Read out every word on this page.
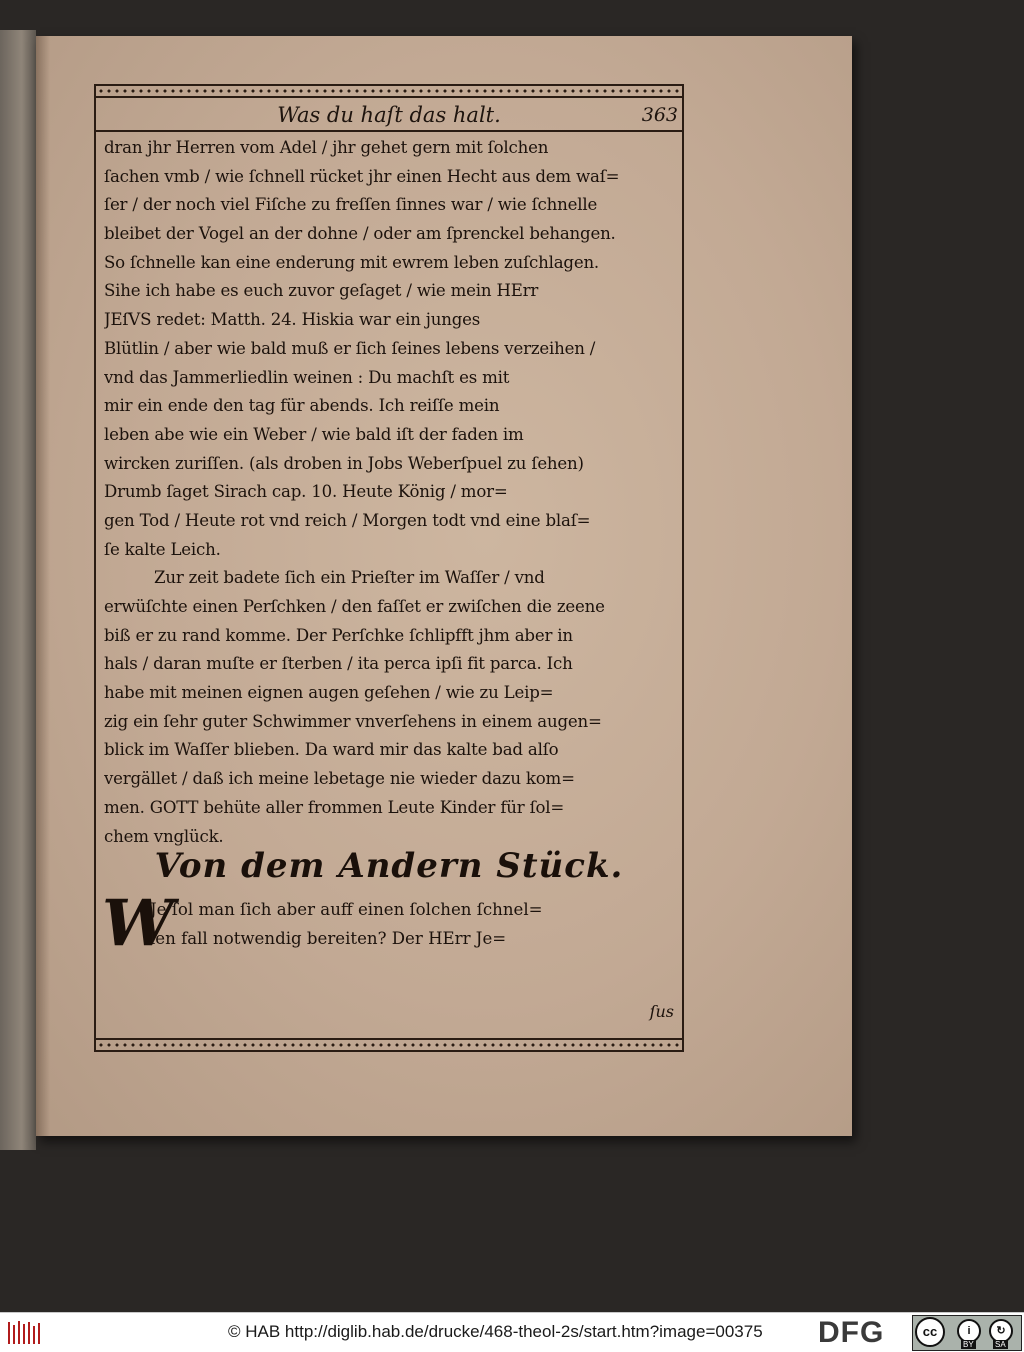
Was du haſt das halt.	363
dran jhr Herren vom Adel / jhr gehet gern mit ſolchen
ſachen vmb / wie ſchnell rücket jhr einen Hecht aus dem waſ=
ſer / der noch viel Fiſche zu freſſen ſinnes war / wie ſchnelle
bleibet der Vogel an der dohne / oder am ſprenckel behangen.
So ſchnelle kan eine enderung mit ewrem leben zuſchlagen.
Sihe ich habe es euch zuvor geſaget / wie mein HErr
JEſVS redet: Matth. 24. Hiskia war ein junges
Blütlin / aber wie bald muß er ſich ſeines lebens verzeihen /
vnd das Jammerliedlin weinen : Du machſt es mit
mir ein ende den tag für abends. Ich reiſſe mein
leben abe wie ein Weber / wie bald iſt der faden im
wircken zuriſſen. (als droben in Jobs Weberſpuel zu ſehen)
Drumb ſaget Sirach cap. 10. Heute König / mor=
gen Tod / Heute rot vnd reich / Morgen todt vnd eine blaſ=
ſe kalte Leich.
Zur zeit badete ſich ein Prieſter im Waſſer / vnd
erwüſchte einen Perſchken / den faſſet er zwiſchen die zeene
biß er zu rand komme. Der Perſchke ſchlipfft jhm aber in
hals / daran muſte er ſterben / ita perca ipſi fit parca. Ich
habe mit meinen eignen augen geſehen / wie zu Leip=
zig ein ſehr guter Schwimmer vnverſehens in einem augen=
blick im Waſſer blieben. Da ward mir das kalte bad alſo
vergället / daß ich meine lebetage nie wieder dazu kom=
men. GOTT behüte aller frommen Leute Kinder für ſol=
chem vnglück.
Von dem Andern Stück.
W
Je ſol man ſich aber auff einen ſolchen ſchnel=
len fall notwendig bereiten? Der HErr Je=
ſus
© HAB http://diglib.hab.de/drucke/468-theol-2s/start.htm?image=00375 DFG	cc	i	↻
BY	SA
